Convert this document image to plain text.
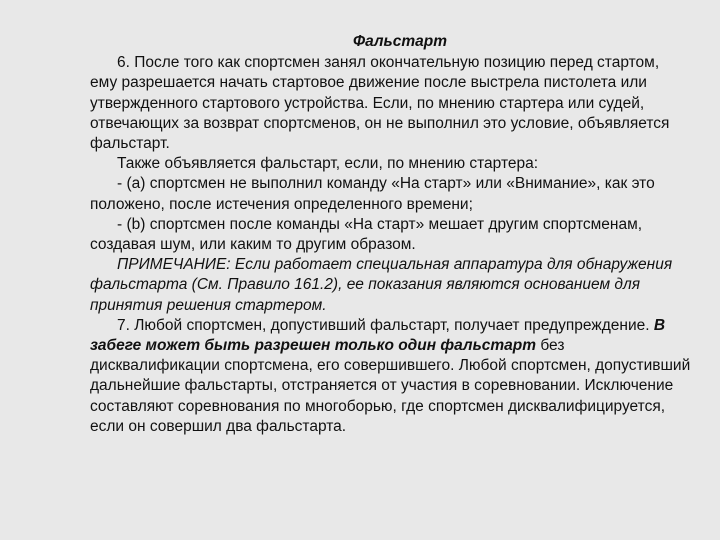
Фальстарт
6. После того как спортсмен занял окончательную позицию перед стартом,
ему разрешается начать стартовое движение после выстрела пистолета или
утвержденного стартового устройства. Если, по мнению стартера или судей,
отвечающих за возврат спортсменов, он не выполнил это условие, объявляется
фальстарт.
Также объявляется фальстарт, если, по мнению стартера:
- (а) спортсмен не выполнил команду «На старт» или «Внимание», как это
положено, после истечения определенного времени;
- (b) спортсмен после команды «На старт» мешает другим спортсменам,
создавая шум, или каким то другим образом.
ПРИМЕЧАНИЕ: Если работает специальная аппаратура для обнаружения
фальстарта (См. Правило 161.2), ее показания являются основанием для
принятия решения стартером.
7. Любой спортсмен, допустивший фальстарт, получает предупреждение. В
забеге может быть разрешен только один фальстарт без
дисквалификации спортсмена, его совершившего. Любой спортсмен, допустивший
дальнейшие фальстарты, отстраняется от участия в соревновании. Исключение
составляют соревнования по многоборью, где спортсмен дисквалифицируется,
если он совершил два фальстарта.
